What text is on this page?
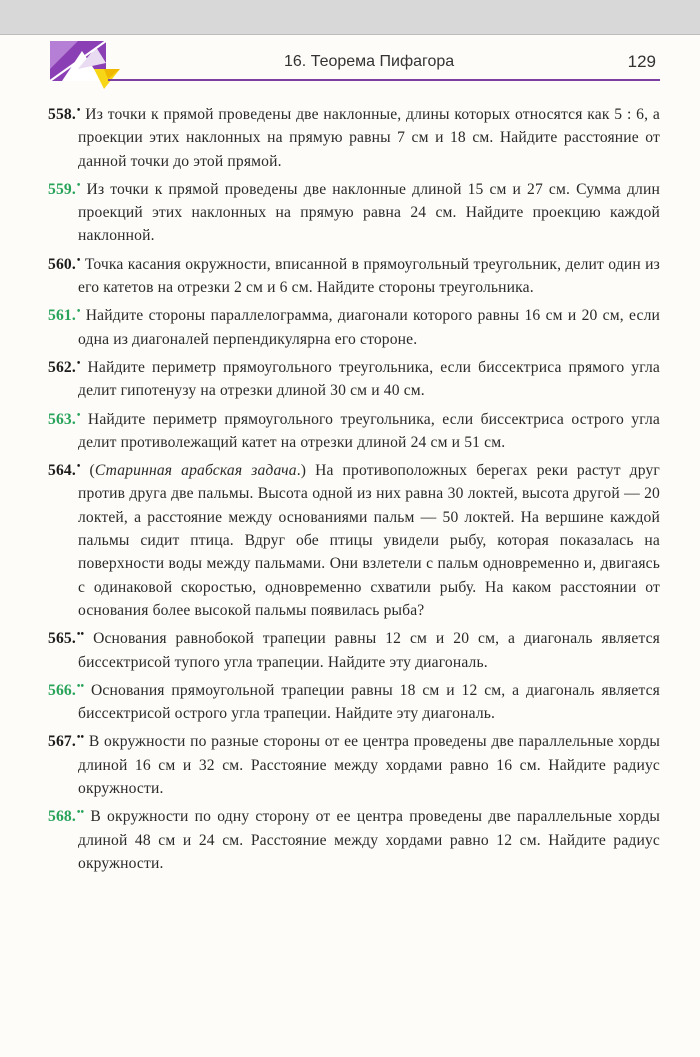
16. Теорема Пифагора	129

558.• Из точки к прямой проведены две наклонные, длины которых относятся как 5 : 6, а проекции этих наклонных на прямую равны 7 см и 18 см. Найдите расстояние от данной точки до этой прямой.

559.• Из точки к прямой проведены две наклонные длиной 15 см и 27 см. Сумма длин проекций этих наклонных на прямую равна 24 см. Найдите проекцию каждой наклонной.

560.• Точка касания окружности, вписанной в прямоугольный треугольник, делит один из его катетов на отрезки 2 см и 6 см. Найдите стороны треугольника.

561.• Найдите стороны параллелограмма, диагонали которого равны 16 см и 20 см, если одна из диагоналей перпендикулярна его стороне.

562.• Найдите периметр прямоугольного треугольника, если биссектриса прямого угла делит гипотенузу на отрезки длиной 30 см и 40 см.

563.• Найдите периметр прямоугольного треугольника, если биссектриса острого угла делит противолежащий катет на отрезки длиной 24 см и 51 см.

564.• (Старинная арабская задача.) На противоположных берегах реки растут друг против друга две пальмы. Высота одной из них равна 30 локтей, высота другой — 20 локтей, а расстояние между основаниями пальм — 50 локтей. На вершине каждой пальмы сидит птица. Вдруг обе птицы увидели рыбу, которая показалась на поверхности воды между пальмами. Они взлетели с пальм одновременно и, двигаясь с одинаковой скоростью, одновременно схватили рыбу. На каком расстоянии от основания более высокой пальмы появилась рыба?

565.•• Основания равнобокой трапеции равны 12 см и 20 см, а диагональ является биссектрисой тупого угла трапеции. Найдите эту диагональ.

566.•• Основания прямоугольной трапеции равны 18 см и 12 см, а диагональ является биссектрисой острого угла трапеции. Найдите эту диагональ.

567.•• В окружности по разные стороны от ее центра проведены две параллельные хорды длиной 16 см и 32 см. Расстояние между хордами равно 16 см. Найдите радиус окружности.

568.•• В окружности по одну сторону от ее центра проведены две параллельные хорды длиной 48 см и 24 см. Расстояние между хордами равно 12 см. Найдите радиус окружности.
